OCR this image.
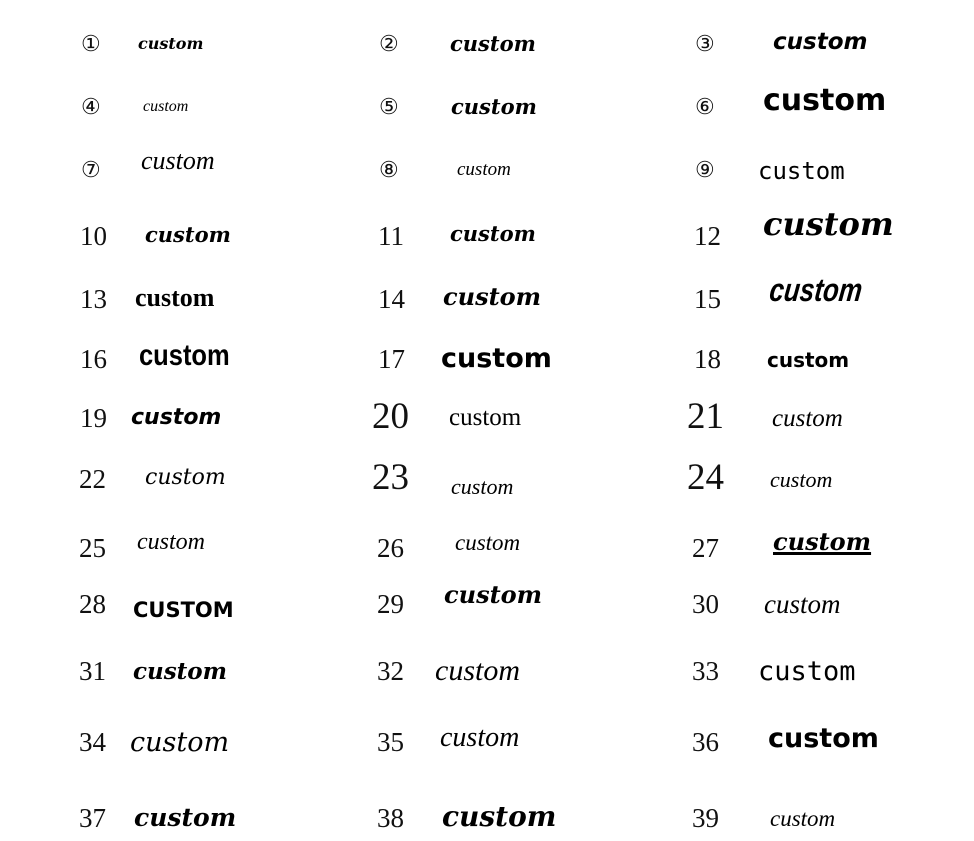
① custom	② custom	③	custom
④	custom	⑤ custom	⑥ custom
⑦ custom	⑧	custom	⑨ custom
10 custom	11 custom	12 custom
13 custom	14 custom	15 custom
16 custom	17 custom	18 custom
19 custom	20 custom	21 custom
22 custom	23 custom	24 custom
25 custom	26 custom	27 custom
28 CUSTOM	29 custom	30 custom
31 custom	32 custom	33 custom
34 custom	35 custom	36 custom
37 custom	38 custom	39 custom
